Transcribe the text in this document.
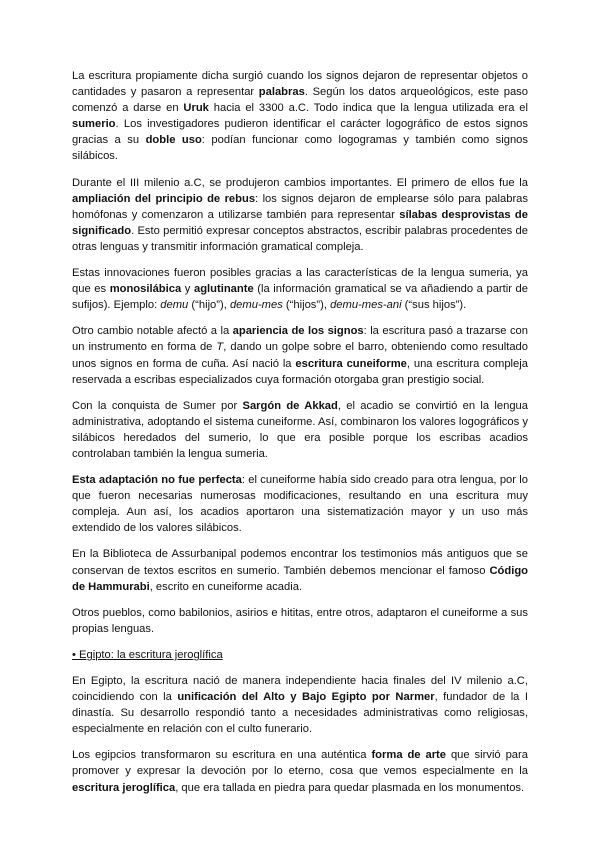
La escritura propiamente dicha surgió cuando los signos dejaron de representar objetos o cantidades y pasaron a representar palabras. Según los datos arqueológicos, este paso comenzó a darse en Uruk hacia el 3300 a.C. Todo indica que la lengua utilizada era el sumerio. Los investigadores pudieron identificar el carácter logográfico de estos signos gracias a su doble uso: podían funcionar como logogramas y también como signos silábicos.

Durante el III milenio a.C, se produjeron cambios importantes. El primero de ellos fue la ampliación del principio de rebus: los signos dejaron de emplearse sólo para palabras homófonas y comenzaron a utilizarse también para representar sílabas desprovistas de significado. Esto permitió expresar conceptos abstractos, escribir palabras procedentes de otras lenguas y transmitir información gramatical compleja.

Estas innovaciones fueron posibles gracias a las características de la lengua sumeria, ya que es monosilábica y aglutinante (la información gramatical se va añadiendo a partir de sufijos). Ejemplo: demu (“hijo”), demu-mes (“hijos”), demu-mes-ani (“sus hijos”).

Otro cambio notable afectó a la apariencia de los signos: la escritura pasó a trazarse con un instrumento en forma de T, dando un golpe sobre el barro, obteniendo como resultado unos signos en forma de cuña. Así nació la escritura cuneiforme, una escritura compleja reservada a escribas especializados cuya formación otorgaba gran prestigio social.

Con la conquista de Sumer por Sargón de Akkad, el acadio se convirtió en la lengua administrativa, adoptando el sistema cuneiforme. Así, combinaron los valores logográficos y silábicos heredados del sumerio, lo que era posible porque los escribas acadios controlaban también la lengua sumeria.

Esta adaptación no fue perfecta: el cuneiforme había sido creado para otra lengua, por lo que fueron necesarias numerosas modificaciones, resultando en una escritura muy compleja. Aun así, los acadios aportaron una sistematización mayor y un uso más extendido de los valores silábicos.

En la Biblioteca de Assurbanipal podemos encontrar los testimonios más antiguos que se conservan de textos escritos en sumerio. También debemos mencionar el famoso Código de Hammurabi, escrito en cuneiforme acadia.

Otros pueblos, como babilonios, asirios e hititas, entre otros, adaptaron el cuneiforme a sus propias lenguas.

• Egipto: la escritura jeroglífica

En Egipto, la escritura nació de manera independiente hacia finales del IV milenio a.C, coincidiendo con la unificación del Alto y Bajo Egipto por Narmer, fundador de la I dinastía. Su desarrollo respondió tanto a necesidades administrativas como religiosas, especialmente en relación con el culto funerario.

Los egipcios transformaron su escritura en una auténtica forma de arte que sirvió para promover y expresar la devoción por lo eterno, cosa que vemos especialmente en la escritura jeroglífica, que era tallada en piedra para quedar plasmada en los monumentos.
